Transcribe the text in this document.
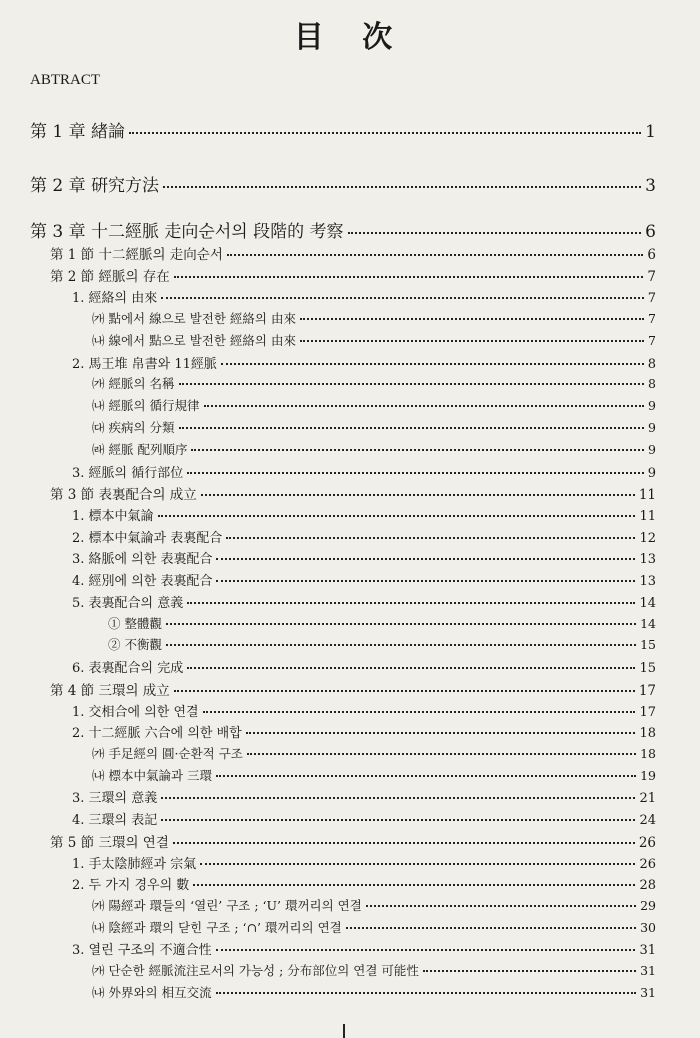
目 次
ABTRACT
第 1 章 緖論	1
第 2 章 硏究方法	3
第 3 章 十二經脈 走向순서의 段階的 考察	6
第 1 節 十二經脈의 走向순서	6
第 2 節 經脈의 存在	7
1. 經絡의 由來	7
㈎ 點에서 線으로 발전한 經絡의 由來	7
㈏ 線에서 點으로 발전한 經絡의 由來	7
2. 馬王堆 帛書와 11經脈	8
㈎ 經脈의 名稱	8
㈏ 經脈의 循行規律	9
㈐ 疾病의 分類	9
㈑ 經脈 配列順序	9
3. 經脈의 循行部位	9
第 3 節 表裏配合의 成立	11
1. 標本中氣論	11
2. 標本中氣論과 表裏配合	12
3. 絡脈에 의한 表裏配合	13
4. 經別에 의한 表裏配合	13
5. 表裏配合의 意義	14
① 整體觀	14
② 不衡觀	15
6. 表裏配合의 完成	15
第 4 節 三環의 成立	17
1. 交相合에 의한 연결	17
2. 十二經脈 六合에 의한 배합	18
㈎ 手足經의 圓·순환적 구조	18
㈏ 標本中氣論과 三環	19
3. 三環의 意義	21
4. 三環의 表記	24
第 5 節 三環의 연결	26
1. 手太陰肺經과 宗氣	26
2. 두 가지 경우의 數	28
㈎ 陽經과 環들의 ‘열린’ 구조 ; ‘U’ 環꺼리의 연결	29
㈏ 陰經과 環의 닫힌 구조 ; ‘∩’ 環꺼리의 연결	30
3. 열린 구조의 不適合性	31
㈎ 단순한 經脈流注로서의 가능성 ; 分布部位의 연결 可能性	31
㈏ 外界와의 相互交流	31
